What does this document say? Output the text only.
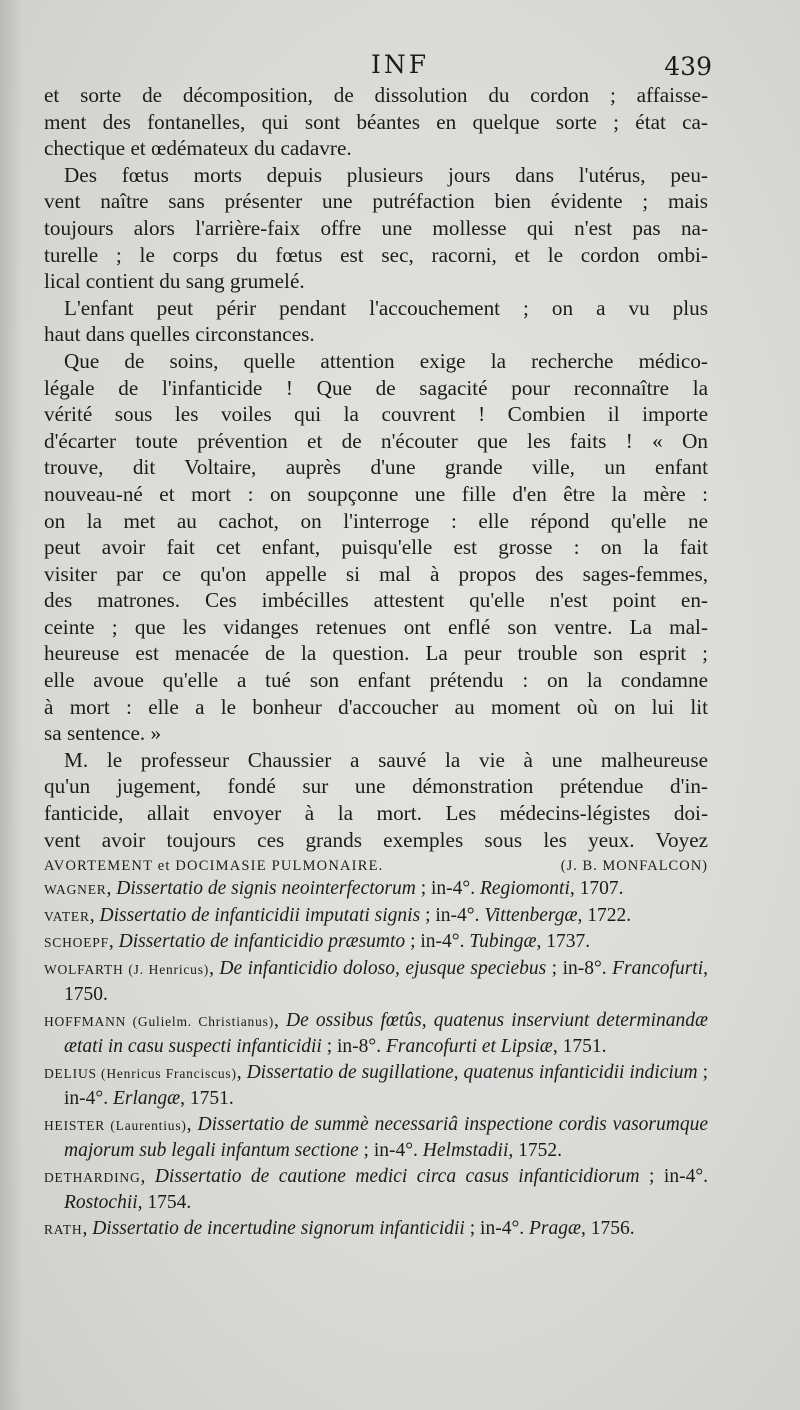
INF	439
et sorte de décomposition, de dissolution du cordon ; affaisse-
ment des fontanelles, qui sont béantes en quelque sorte ; état ca-
chectique et œdémateux du cadavre.
Des fœtus morts depuis plusieurs jours dans l'utérus, peu-
vent naître sans présenter une putréfaction bien évidente ; mais
toujours alors l'arrière-faix offre une mollesse qui n'est pas na-
turelle ; le corps du fœtus est sec, racorni, et le cordon ombi-
lical contient du sang grumelé.
L'enfant peut périr pendant l'accouchement ; on a vu plus
haut dans quelles circonstances.
Que de soins, quelle attention exige la recherche médico-
légale de l'infanticide ! Que de sagacité pour reconnaître la
vérité sous les voiles qui la couvrent ! Combien il importe
d'écarter toute prévention et de n'écouter que les faits ! « On
trouve, dit Voltaire, auprès d'une grande ville, un enfant
nouveau-né et mort : on soupçonne une fille d'en être la mère :
on la met au cachot, on l'interroge : elle répond qu'elle ne
peut avoir fait cet enfant, puisqu'elle est grosse : on la fait
visiter par ce qu'on appelle si mal à propos des sages-femmes,
des matrones. Ces imbécilles attestent qu'elle n'est point en-
ceinte ; que les vidanges retenues ont enflé son ventre. La mal-
heureuse est menacée de la question. La peur trouble son esprit ;
elle avoue qu'elle a tué son enfant prétendu : on la condamne
à mort : elle a le bonheur d'accoucher au moment où on lui lit
sa sentence. »
M. le professeur Chaussier a sauvé la vie à une malheureuse
qu'un jugement, fondé sur une démonstration prétendue d'in-
fanticide, allait envoyer à la mort. Les médecins-légistes doi-
vent avoir toujours ces grands exemples sous les yeux. Voyez
AVORTEMENT et DOCIMASIE PULMONAIRE.	(J. B. MONFALCON)

WAGNER, Dissertatio de signis neointerfectorum ; in-4°. Regiomonti, 1707.

VATER, Dissertatio de infanticidii imputati signis ; in-4°. Vittenbergæ, 1722.

SCHOEPF, Dissertatio de infanticidio præsumto ; in-4°. Tubingæ, 1737.

WOLFARTH (J. Henricus), De infanticidio doloso, ejusque speciebus ; in-8°. Francofurti, 1750.

HOFFMANN (Gulielm. Christianus), De ossibus fœtûs, quatenus inserviunt determinandæ ætati in casu suspecti infanticidii ; in-8°. Francofurti et Lipsiæ, 1751.

DELIUS (Henricus Franciscus), Dissertatio de sugillatione, quatenus infanticidii indicium ; in-4°. Erlangæ, 1751.

HEISTER (Laurentius), Dissertatio de summè necessariâ inspectione cordis vasorumque majorum sub legali infantum sectione ; in-4°. Helmstadii, 1752.

DETHARDING, Dissertatio de cautione medici circa casus infanticidiorum ; in-4°. Rostochii, 1754.

RATH, Dissertatio de incertudine signorum infanticidii ; in-4°. Pragæ, 1756.
